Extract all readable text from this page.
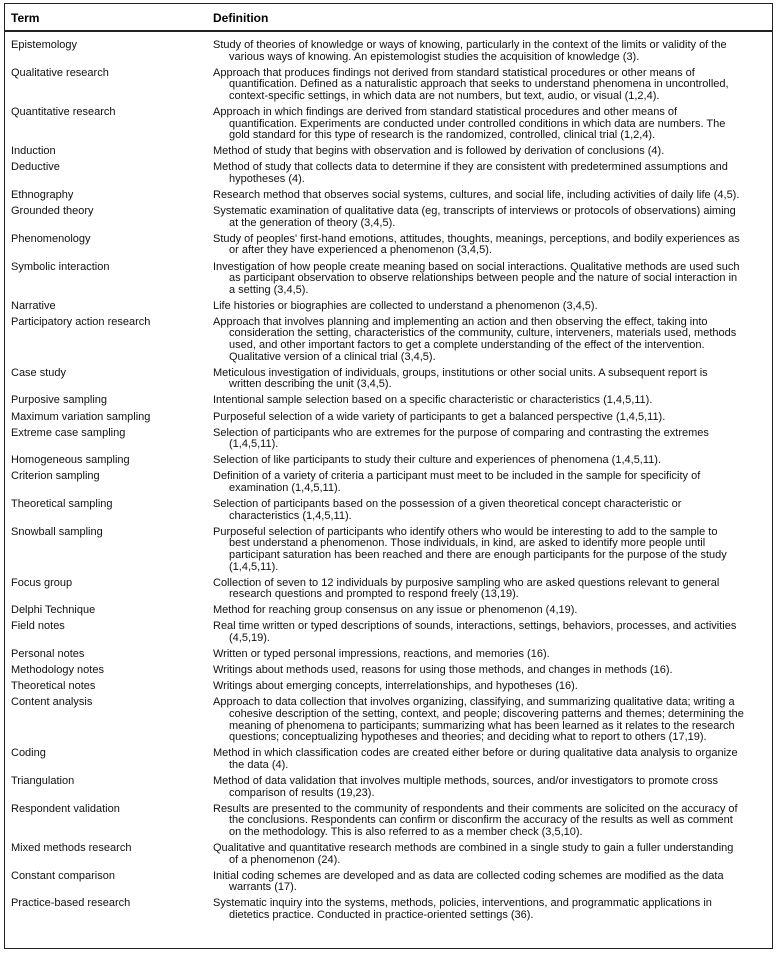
Term	Definition
Epistemology	Study of theories of knowledge or ways of knowing, particularly in the context of the limits or validity of the
various ways of knowing. An epistemologist studies the acquisition of knowledge (3).
Qualitative research	Approach that produces findings not derived from standard statistical procedures or other means of
quantification. Defined as a naturalistic approach that seeks to understand phenomena in uncontrolled,
context-specific settings, in which data are not numbers, but text, audio, or visual (1,2,4).
Quantitative research	Approach in which findings are derived from standard statistical procedures and other means of
quantification. Experiments are conducted under controlled conditions in which data are numbers. The
gold standard for this type of research is the randomized, controlled, clinical trial (1,2,4).
Induction	Method of study that begins with observation and is followed by derivation of conclusions (4).
Deductive	Method of study that collects data to determine if they are consistent with predetermined assumptions and
hypotheses (4).
Ethnography	Research method that observes social systems, cultures, and social life, including activities of daily life (4,5).
Grounded theory	Systematic examination of qualitative data (eg, transcripts of interviews or protocols of observations) aiming
at the generation of theory (3,4,5).
Phenomenology	Study of peoples' first-hand emotions, attitudes, thoughts, meanings, perceptions, and bodily experiences as
or after they have experienced a phenomenon (3,4,5).
Symbolic interaction	Investigation of how people create meaning based on social interactions. Qualitative methods are used such
as participant observation to observe relationships between people and the nature of social interaction in
a setting (3,4,5).
Narrative	Life histories or biographies are collected to understand a phenomenon (3,4,5).
Participatory action research	Approach that involves planning and implementing an action and then observing the effect, taking into
consideration the setting, characteristics of the community, culture, interveners, materials used, methods
used, and other important factors to get a complete understanding of the effect of the intervention.
Qualitative version of a clinical trial (3,4,5).
Case study	Meticulous investigation of individuals, groups, institutions or other social units. A subsequent report is
written describing the unit (3,4,5).
Purposive sampling	Intentional sample selection based on a specific characteristic or characteristics (1,4,5,11).
Maximum variation sampling	Purposeful selection of a wide variety of participants to get a balanced perspective (1,4,5,11).
Extreme case sampling	Selection of participants who are extremes for the purpose of comparing and contrasting the extremes
(1,4,5,11).
Homogeneous sampling	Selection of like participants to study their culture and experiences of phenomena (1,4,5,11).
Criterion sampling	Definition of a variety of criteria a participant must meet to be included in the sample for specificity of
examination (1,4,5,11).
Theoretical sampling	Selection of participants based on the possession of a given theoretical concept characteristic or
characteristics (1,4,5,11).
Snowball sampling	Purposeful selection of participants who identify others who would be interesting to add to the sample to
best understand a phenomenon. Those individuals, in kind, are asked to identify more people until
participant saturation has been reached and there are enough participants for the purpose of the study
(1,4,5,11).
Focus group	Collection of seven to 12 individuals by purposive sampling who are asked questions relevant to general
research questions and prompted to respond freely (13,19).
Delphi Technique	Method for reaching group consensus on any issue or phenomenon (4,19).
Field notes	Real time written or typed descriptions of sounds, interactions, settings, behaviors, processes, and activities
(4,5,19).
Personal notes	Written or typed personal impressions, reactions, and memories (16).
Methodology notes	Writings about methods used, reasons for using those methods, and changes in methods (16).
Theoretical notes	Writings about emerging concepts, interrelationships, and hypotheses (16).
Content analysis	Approach to data collection that involves organizing, classifying, and summarizing qualitative data; writing a
cohesive description of the setting, context, and people; discovering patterns and themes; determining the
meaning of phenomena to participants; summarizing what has been learned as it relates to the research
questions; conceptualizing hypotheses and theories; and deciding what to report to others (17,19).
Coding	Method in which classification codes are created either before or during qualitative data analysis to organize
the data (4).
Triangulation	Method of data validation that involves multiple methods, sources, and/or investigators to promote cross
comparison of results (19,23).
Respondent validation	Results are presented to the community of respondents and their comments are solicited on the accuracy of
the conclusions. Respondents can confirm or disconfirm the accuracy of the results as well as comment
on the methodology. This is also referred to as a member check (3,5,10).
Mixed methods research	Qualitative and quantitative research methods are combined in a single study to gain a fuller understanding
of a phenomenon (24).
Constant comparison	Initial coding schemes are developed and as data are collected coding schemes are modified as the data
warrants (17).
Practice-based research	Systematic inquiry into the systems, methods, policies, interventions, and programmatic applications in
dietetics practice. Conducted in practice-oriented settings (36).
